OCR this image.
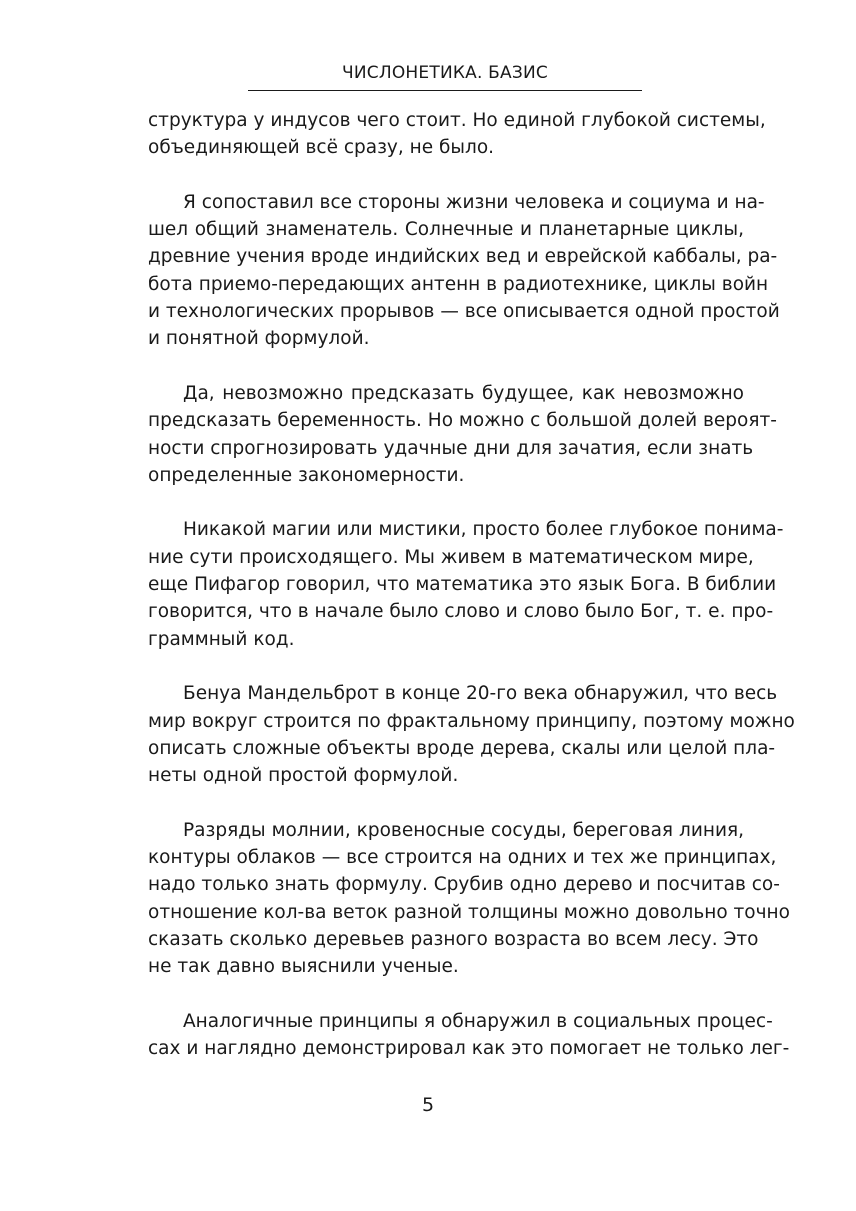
ЧИСЛОНЕТИКА. БАЗИС

структура у индусов чего стоит. Но единой глубокой системы,
объединяющей всё сразу, не было.

Я сопоставил все стороны жизни человека и социума и на-
шел общий знаменатель. Солнечные и планетарные циклы,
древние учения вроде индийских вед и еврейской каббалы, ра-
бота приемо-передающих антенн в радиотехнике, циклы войн
и технологических прорывов — все описывается одной простой
и понятной формулой.

Да, невозможно предсказать будущее, как невозможно
предсказать беременность. Но можно с большой долей вероят-
ности спрогнозировать удачные дни для зачатия, если знать
определенные закономерности.

Никакой магии или мистики, просто более глубокое понима-
ние сути происходящего. Мы живем в математическом мире,
еще Пифагор говорил, что математика это язык Бога. В библии
говорится, что в начале было слово и слово было Бог, т. е. про-
граммный код.

Бенуа Мандельброт в конце 20-го века обнаружил, что весь
мир вокруг строится по фрактальному принципу, поэтому можно
описать сложные объекты вроде дерева, скалы или целой пла-
неты одной простой формулой.

Разряды молнии, кровеносные сосуды, береговая линия,
контуры облаков — все строится на одних и тех же принципах,
надо только знать формулу. Срубив одно дерево и посчитав со-
отношение кол-ва веток разной толщины можно довольно точно
сказать сколько деревьев разного возраста во всем лесу. Это
не так давно выяснили ученые.

Аналогичные принципы я обнаружил в социальных процес-
сах и наглядно демонстрировал как это помогает не только лег-

5
